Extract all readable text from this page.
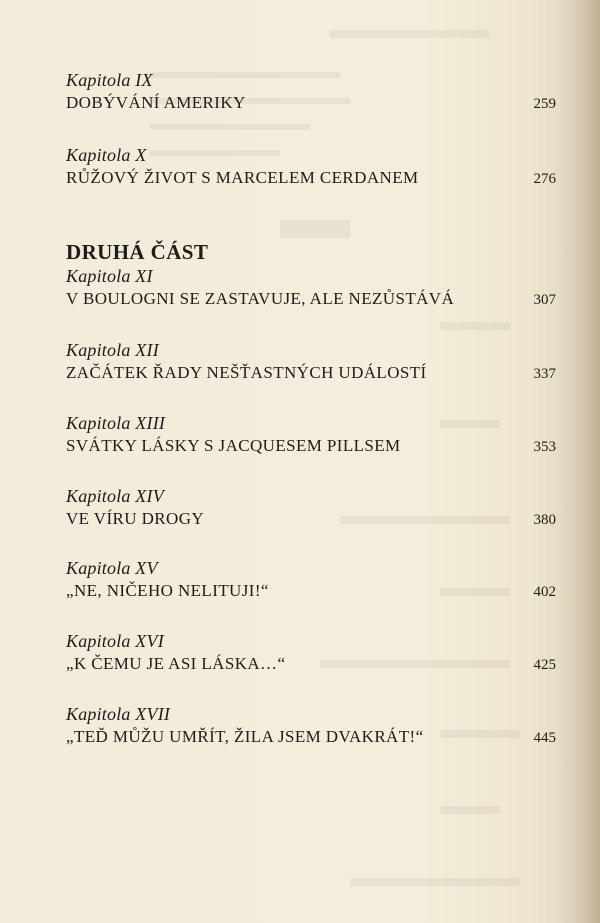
Kapitola IX
DOBÝVÁNÍ AMERIKY	259
Kapitola X
RŮŽOVÝ ŽIVOT S MARCELEM CERDANEM	276
DRUHÁ ČÁST
Kapitola XI
V BOULOGNI SE ZASTAVUJE, ALE NEZŮSTÁVÁ	307
Kapitola XII
ZAČÁTEK ŘADY NEŠŤASTNÝCH UDÁLOSTÍ	337
Kapitola XIII
SVÁTKY LÁSKY S JACQUESEM PILLSEM	353
Kapitola XIV
VE VÍRU DROGY	380
Kapitola XV
„NE, NIČEHO NELITUJI!“	402
Kapitola XVI
„K ČEMU JE ASI LÁSKA…“	425
Kapitola XVII
„TEĎ MŮŽU UMŘÍT, ŽILA JSEM DVAKRÁT!“	445
